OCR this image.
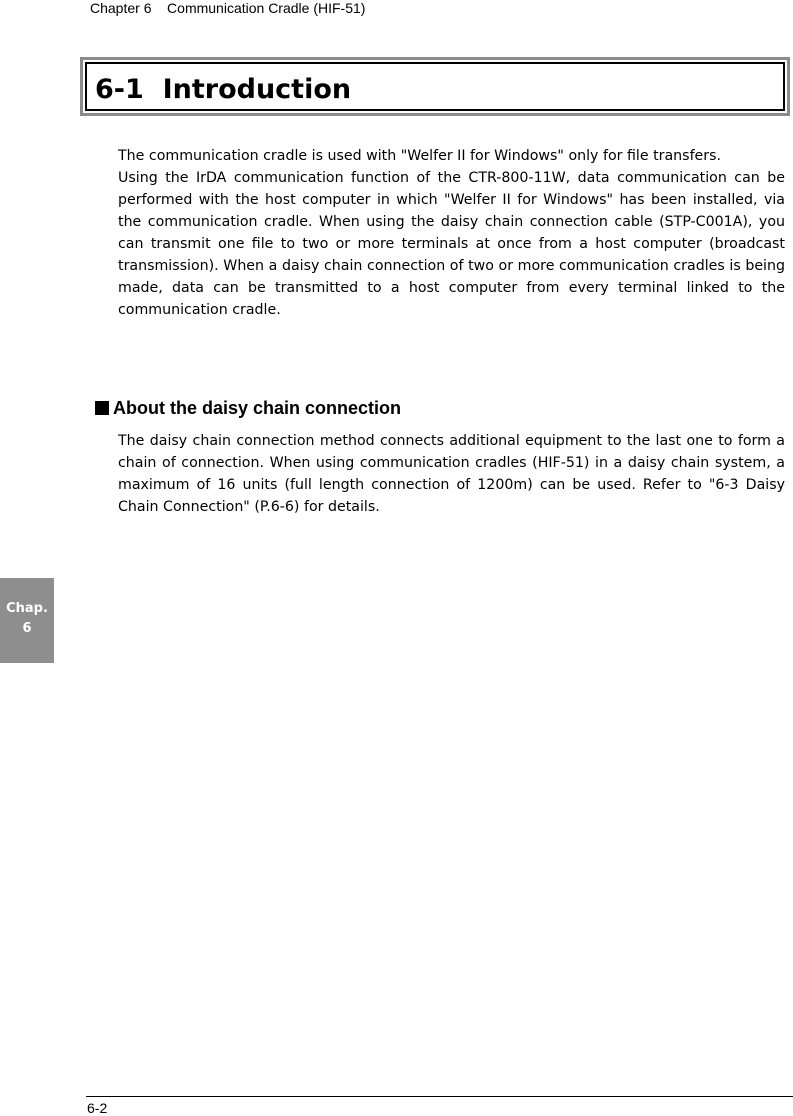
Chapter 6    Communication Cradle (HIF-51)
6-1  Introduction
The communication cradle is used with "Welfer II for Windows" only for file transfers.
Using the IrDA communication function of the CTR-800-11W, data communication can be performed with the host computer in which "Welfer II for Windows" has been installed, via the communication cradle. When using the daisy chain connection cable (STP-C001A), you can transmit one file to two or more terminals at once from a host computer (broadcast transmission). When a daisy chain connection of two or more communication cradles is being made, data can be transmitted to a host computer from every terminal linked to the communication cradle.
About the daisy chain connection
The daisy chain connection method connects additional equipment to the last one to form a chain of connection. When using communication cradles (HIF-51) in a daisy chain system, a maximum of 16 units (full length connection of 1200m) can be used. Refer to "6-3 Daisy Chain Connection" (P.6-6) for details.
Chap.
6
6-2
